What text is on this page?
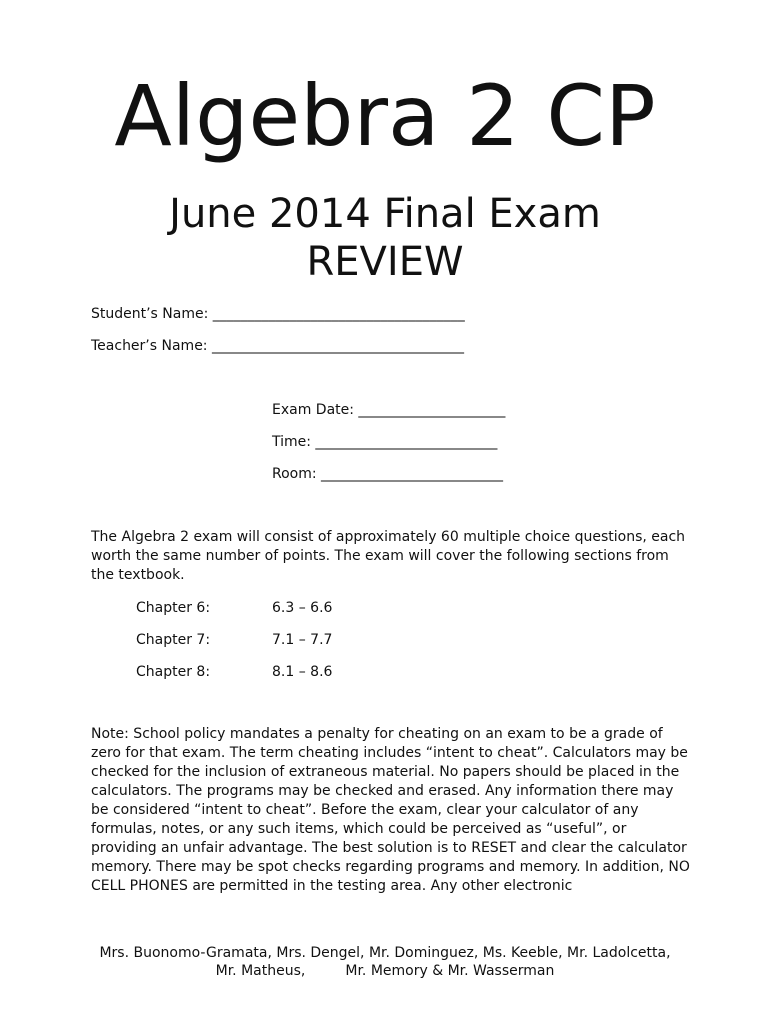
Algebra 2 CP
June 2014 Final Exam
REVIEW
Student’s Name: ____________________________________
Teacher’s Name: ____________________________________
Exam Date: _____________________
Time: __________________________
Room: __________________________
The Algebra 2 exam will consist of approximately 60 multiple choice questions, each worth the same number of points. The exam will cover the following sections from the textbook.
Chapter 6:	6.3 – 6.6
Chapter 7:	7.1 – 7.7
Chapter 8:	8.1 – 8.6
Note: School policy mandates a penalty for cheating on an exam to be a grade of zero for that exam. The term cheating includes “intent to cheat”. Calculators may be checked for the inclusion of extraneous material. No papers should be placed in the calculators. The programs may be checked and erased. Any information there may be considered “intent to cheat”. Before the exam, clear your calculator of any formulas, notes, or any such items, which could be perceived as “useful”, or providing an unfair advantage. The best solution is to RESET and clear the calculator memory. There may be spot checks regarding programs and memory. In addition, NO CELL PHONES are permitted in the testing area. Any other electronic
Mrs. Buonomo-Gramata, Mrs. Dengel, Mr. Dominguez, Ms. Keeble, Mr. Ladolcetta,
Mr. Matheus,         Mr. Memory & Mr. Wasserman
